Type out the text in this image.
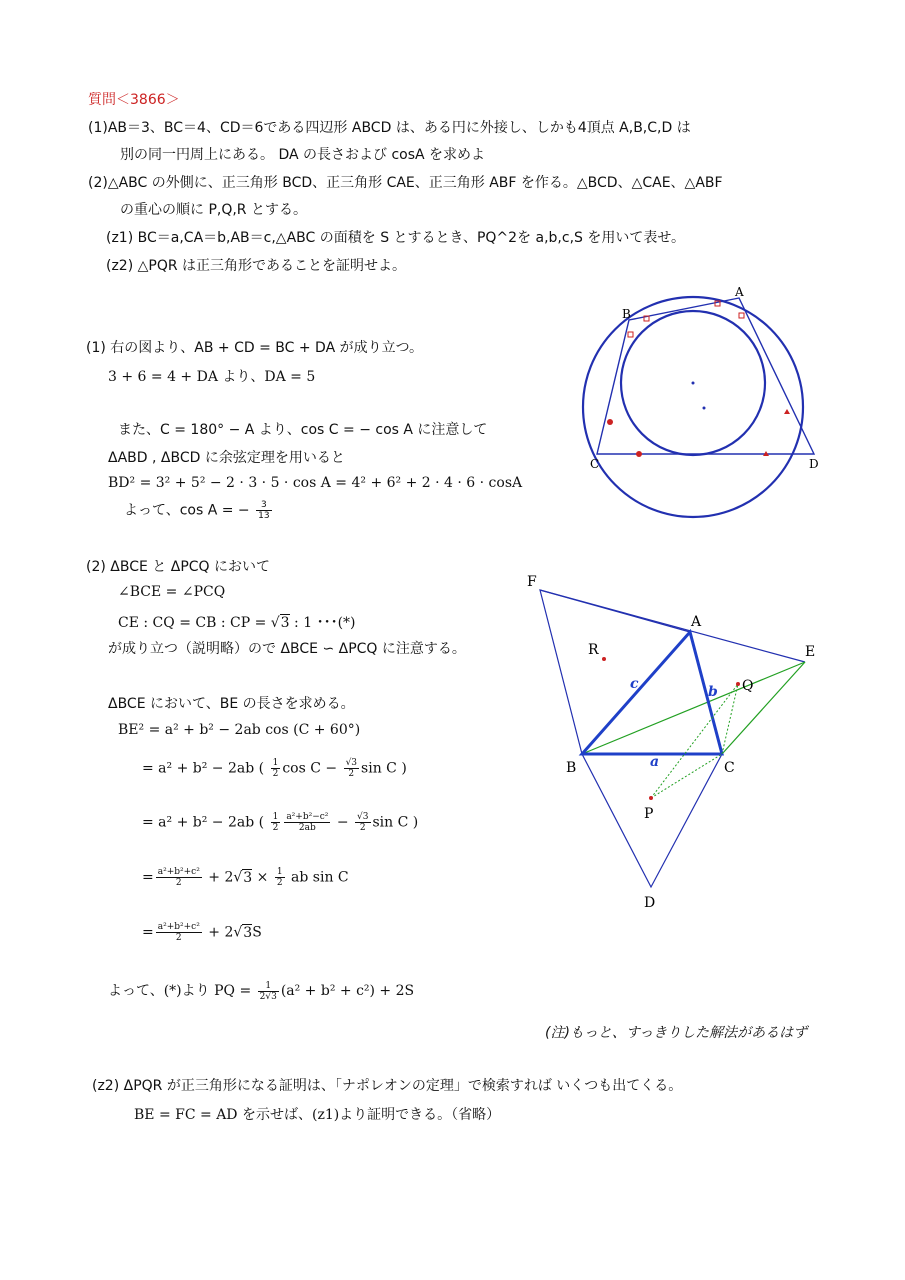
質問＜3866＞
(1)AB＝3、BC＝4、CD＝6である四辺形 ABCD は、ある円に外接し、しかも4頂点 A,B,C,D は
別の同一円周上にある。 DA の長さおよび cosA を求めよ
(2)△ABC の外側に、正三角形 BCD、正三角形 CAE、正三角形 ABF を作る。△BCD、△CAE、△ABF
の重心の順に P,Q,R とする。
(z1) BC＝a,CA＝b,AB＝c,△ABC の面積を S とするとき、PQ^2を a,b,c,S を用いて表せ。
(z2) △PQR は正三角形であることを証明せよ。
(1) 右の図より、AB + CD = BC + DA が成り立つ。
3 + 6 = 4 + DA より、DA = 5
また、C = 180° − A より、cos C = − cos A に注意して
ΔABD , ΔBCD に余弦定理を用いると
BD² = 3² + 5² − 2 · 3 · 5 · cos A = 4² + 6² + 2 · 4 · 6 · cosA
よって、cos A = − $\frac{3}{13}$
(2) ΔBCE と ΔPCQ において
∠BCE = ∠PCQ
CE : CQ = CB : CP = √3 : 1 ･･･(*)
が成り立つ（説明略）ので ΔBCE ∽ ΔPCQ に注意する。
ΔBCE において、BE の長さを求める。
BE² = a² + b² − 2ab cos (C + 60°)
= a² + b² − 2ab ( $\frac{1}{2}$ $\cos C - \frac{√3}{2}$ sin C )
= a² + b² − 2ab ( $\frac{1}{2} \frac{\text{a²+b²−c²}}{2ab} - \frac{√3}{2}$ sin C )
= $\frac{\text{a²+b²+c²}}{2} + 2√3 \times \frac{1}{2}$ ab sin C
= $\frac{\text{a²+b²+c²}}{2} + 2√3S$
よって、(*)より PQ = $\frac{1}{2√3} (a^2 + b^2 + c^2) + 2S$
(注)もっと、すっきりした解法があるはず
(z2) ΔPQR が正三角形になる証明は、「ナポレオンの定理」で検索すれば いくつも出てくる。
BE = FC = AD を示せば、(z1)より証明できる。（省略）
A
B
C	D
F
A
E
R
Q
B	C
P
D
c	b
a
